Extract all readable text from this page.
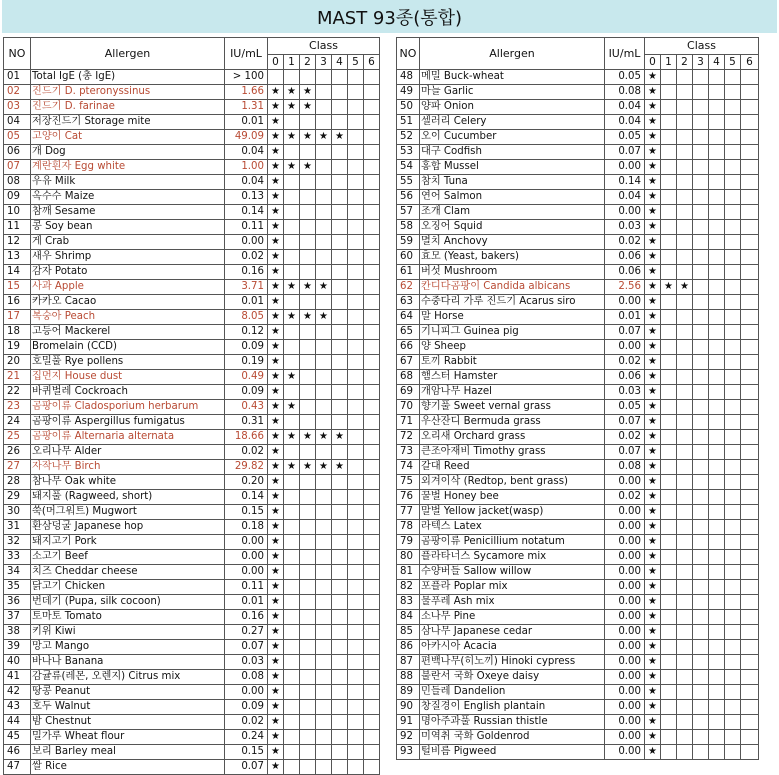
MAST 93종(통합)
NO	Allergen	IU/mL	Class						
			0	1	2	3	4	5	6
01	Total IgE (총 IgE)	> 100							
02	진드기 D. pteronyssinus	1.66	★	★	★				
03	진드기 D. farinae	1.31	★	★	★				
04	저장진드기 Storage mite	0.01	★						
05	고양이 Cat	49.09	★	★	★	★	★		
06	개 Dog	0.04	★						
07	계란흰자 Egg white	1.00	★	★	★				
08	우유 Milk	0.04	★						
09	옥수수 Maize	0.13	★						
10	참깨 Sesame	0.14	★						
11	콩 Soy bean	0.11	★						
12	게 Crab	0.00	★						
13	새우 Shrimp	0.02	★						
14	감자 Potato	0.16	★						
15	사과 Apple	3.71	★	★	★	★			
16	카카오 Cacao	0.01	★						
17	복숭아 Peach	8.05	★	★	★	★			
18	고등어 Mackerel	0.12	★						
19	Bromelain (CCD)	0.09	★						
20	호밀풀 Rye pollens	0.19	★						
21	집먼지 House dust	0.49	★	★					
22	바퀴벌레 Cockroach	0.09	★						
23	곰팡이류 Cladosporium herbarum	0.43	★	★					
24	곰팡이류 Aspergillus fumigatus	0.31	★						
25	곰팡이류 Alternaria alternata	18.66	★	★	★	★	★		
26	오리나무 Alder	0.02	★						
27	자작나무 Birch	29.82	★	★	★	★	★		
28	참나무 Oak white	0.20	★						
29	돼지풀 (Ragweed, short)	0.14	★						
30	쑥(머그워트) Mugwort	0.15	★						
31	환삼덩굴 Japanese hop	0.18	★						
32	돼지고기 Pork	0.00	★						
33	소고기 Beef	0.00	★						
34	치즈 Cheddar cheese	0.00	★						
35	닭고기 Chicken	0.11	★						
36	번데기 (Pupa, silk cocoon)	0.01	★						
37	토마토 Tomato	0.16	★						
38	키위 Kiwi	0.27	★						
39	망고 Mango	0.07	★						
40	바나나 Banana	0.03	★						
41	감귤류(레몬, 오렌지) Citrus mix	0.08	★						
42	땅콩 Peanut	0.00	★						
43	호두 Walnut	0.09	★						
44	밤 Chestnut	0.02	★						
45	밀가루 Wheat flour	0.24	★						
46	보리 Barley meal	0.15	★						
47	쌀 Rice	0.07	★						
NO	Allergen	IU/mL	Class						
			0	1	2	3	4	5	6
48	메밀 Buck-wheat	0.05	★						
49	마늘 Garlic	0.08	★						
50	양파 Onion	0.04	★						
51	셀러리 Celery	0.04	★						
52	오이 Cucumber	0.05	★						
53	대구 Codfish	0.07	★						
54	홍합 Mussel	0.00	★						
55	참치 Tuna	0.14	★						
56	연어 Salmon	0.04	★						
57	조개 Clam	0.00	★						
58	오징어 Squid	0.03	★						
59	멸치 Anchovy	0.02	★						
60	효모 (Yeast, bakers)	0.06	★						
61	버섯 Mushroom	0.06	★						
62	칸디다곰팡이 Candida albicans	2.56	★	★	★				
63	수중다리 가루 진드기 Acarus siro	0.00	★						
64	말 Horse	0.01	★						
65	기니피그 Guinea pig	0.07	★						
66	양 Sheep	0.00	★						
67	토끼 Rabbit	0.02	★						
68	햄스터 Hamster	0.06	★						
69	개암나무 Hazel	0.03	★						
70	향기풀 Sweet vernal grass	0.05	★						
71	우산잔디 Bermuda grass	0.07	★						
72	오리새 Orchard grass	0.02	★						
73	큰조아재비 Timothy grass	0.07	★						
74	갈대 Reed	0.08	★						
75	외겨이삭 (Redtop, bent grass)	0.00	★						
76	꿀벌 Honey bee	0.02	★						
77	말벌 Yellow jacket(wasp)	0.00	★						
78	라텍스 Latex	0.00	★						
79	곰팡이류 Penicillium notatum	0.00	★						
80	플라타너스 Sycamore mix	0.00	★						
81	수양버들 Sallow willow	0.00	★						
82	포플라 Poplar mix	0.00	★						
83	물푸레 Ash mix	0.00	★						
84	소나무 Pine	0.00	★						
85	삼나무 Japanese cedar	0.00	★						
86	아카시아 Acacia	0.00	★						
87	편백나무(히노끼) Hinoki cypress	0.00	★						
88	불란서 국화 Oxeye daisy	0.00	★						
89	민들레 Dandelion	0.00	★						
90	창질경이 English plantain	0.00	★						
91	명아주과풀 Russian thistle	0.00	★						
92	미역취 국화 Goldenrod	0.00	★						
93	털비름 Pigweed	0.00	★						
